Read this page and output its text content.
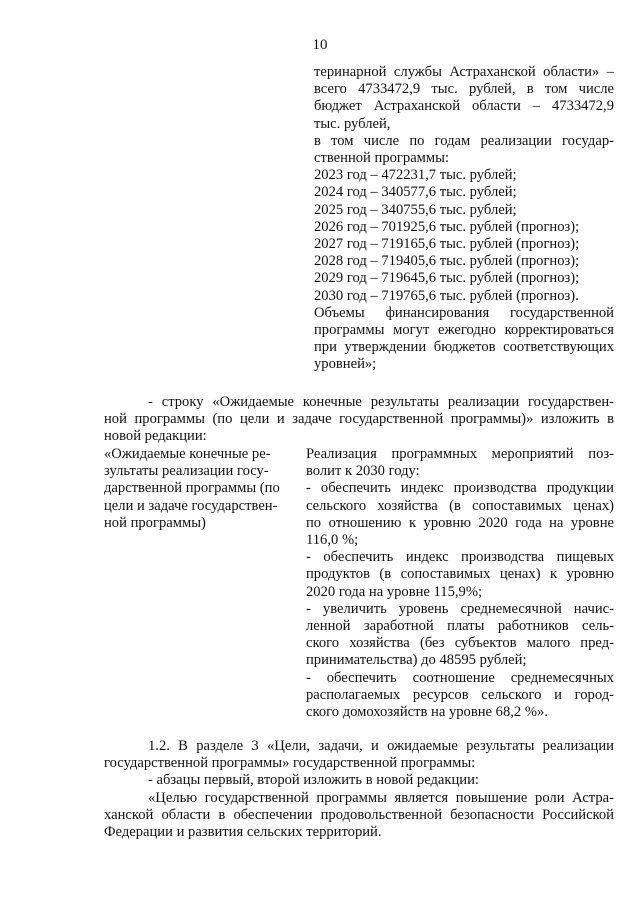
10
теринарной службы Астраханской области» –
всего 4733472,9 тыс. рублей, в том числе
бюджет Астраханской области – 4733472,9
тыс. рублей,
в том числе по годам реализации государ-
ственной программы:
2023 год – 472231,7 тыс. рублей;
2024 год – 340577,6 тыс. рублей;
2025 год – 340755,6 тыс. рублей;
2026 год – 701925,6 тыс. рублей (прогноз);
2027 год – 719165,6 тыс. рублей (прогноз);
2028 год – 719405,6 тыс. рублей (прогноз);
2029 год – 719645,6 тыс. рублей (прогноз);
2030 год – 719765,6 тыс. рублей (прогноз).
Объемы финансирования государственной
программы могут ежегодно корректироваться
при утверждении бюджетов соответствующих
уровней»;
- строку «Ожидаемые конечные результаты реализации государствен-
ной программы (по цели и задаче государственной программы)» изложить в
новой редакции:
«Ожидаемые конечные ре-
зультаты реализации госу-
дарственной программы (по
цели и задаче государствен-
ной программы)
Реализация программных мероприятий поз-
волит к 2030 году:
- обеспечить индекс производства продукции
сельского хозяйства (в сопоставимых ценах)
по отношению к уровню 2020 года на уровне
116,0 %;
- обеспечить индекс производства пищевых
продуктов (в сопоставимых ценах) к уровню
2020 года на уровне 115,9%;
- увеличить уровень среднемесячной начис-
ленной заработной платы работников сель-
ского хозяйства (без субъектов малого пред-
принимательства) до 48595 рублей;
- обеспечить соотношение среднемесячных
располагаемых ресурсов сельского и город-
ского домохозяйств на уровне 68,2 %».
1.2. В разделе 3 «Цели, задачи, и ожидаемые результаты реализации
государственной программы» государственной программы:
- абзацы первый, второй изложить в новой редакции:
«Целью государственной программы является повышение роли Астра-
ханской области в обеспечении продовольственной безопасности Российской
Федерации и развития сельских территорий.
